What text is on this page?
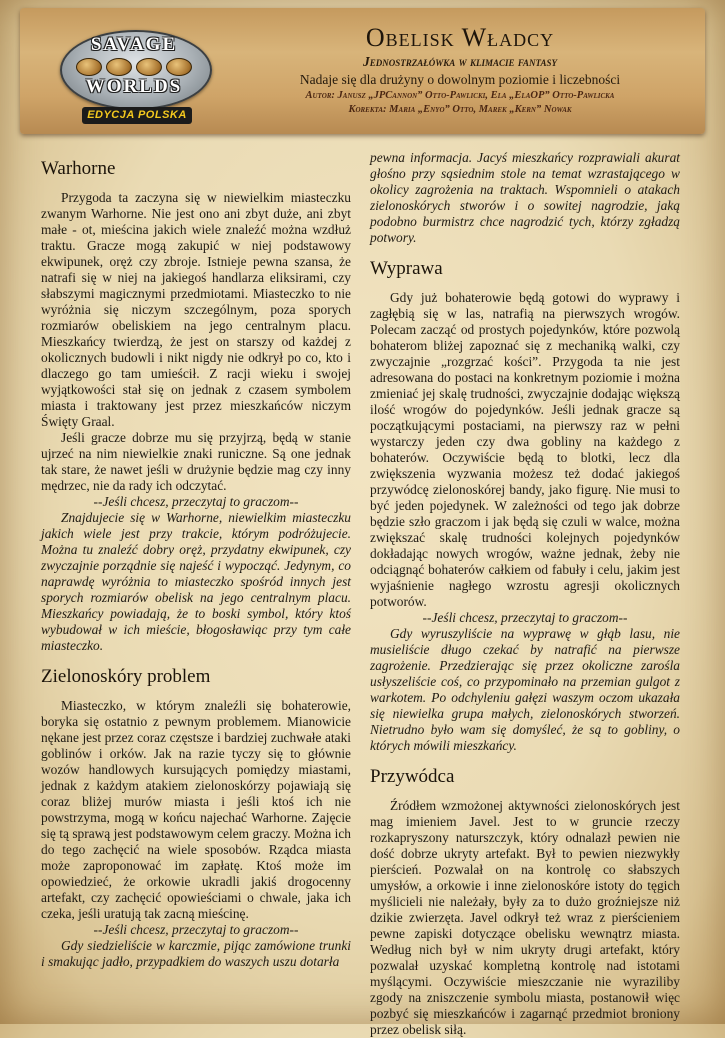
SAVAGE
WORLDS
EDYCJA POLSKA
Obelisk Władcy
Jednostrzałówka w klimacie fantasy
Nadaje się dla drużyny o dowolnym poziomie i liczebności
Autor: Janusz „JPCannon” Otto-Pawlicki, Ela „ElaOP” Otto-Pawlicka
Korekta: Maria „Enyo” Otto, Marek „Kern” Nowak
Warhorne

Przygoda ta zaczyna się w niewielkim miasteczku zwanym Warhorne. Nie jest ono ani zbyt duże, ani zbyt małe - ot, mieścina jakich wiele znaleźć można wzdłuż traktu. Gracze mogą zakupić w niej podstawowy ekwipunek, oręż czy zbroje. Istnieje pewna szansa, że natrafi się w niej na jakiegoś handlarza eliksirami, czy słabszymi magicznymi przedmiotami. Miasteczko to nie wyróżnia się niczym szczególnym, poza sporych rozmiarów obeliskiem na jego centralnym placu. Mieszkańcy twierdzą, że jest on starszy od każdej z okolicznych budowli i nikt nigdy nie odkrył po co, kto i dlaczego go tam umieścił. Z racji wieku i swojej wyjątkowości stał się on jednak z czasem symbolem miasta i traktowany jest przez mieszkańców niczym Święty Graal.

Jeśli gracze dobrze mu się przyjrzą, będą w stanie ujrzeć na nim niewielkie znaki runiczne. Są one jednak tak stare, że nawet jeśli w drużynie będzie mag czy inny mędrzec, nie da rady ich odczytać.

--Jeśli chcesz, przeczytaj to graczom--

Znajdujecie się w Warhorne, niewielkim miasteczku jakich wiele jest przy trakcie, którym podróżujecie. Można tu znaleźć dobry oręż, przydatny ekwipunek, czy zwyczajnie porządnie się najeść i wypocząć. Jedynym, co naprawdę wyróżnia to miasteczko spośród innych jest sporych rozmiarów obelisk na jego centralnym placu. Mieszkańcy powiadają, że to boski symbol, który ktoś wybudował w ich mieście, błogosławiąc przy tym całe miasteczko.

Zielonoskóry problem

Miasteczko, w którym znaleźli się bohaterowie, boryka się ostatnio z pewnym problemem. Mianowicie nękane jest przez coraz częstsze i bardziej zuchwałe ataki goblinów i orków. Jak na razie tyczy się to głównie wozów handlowych kursujących pomiędzy miastami, jednak z każdym atakiem zielonoskórzy pojawiają się coraz bliżej murów miasta i jeśli ktoś ich nie powstrzyma, mogą w końcu najechać Warhorne. Zajęcie się tą sprawą jest podstawowym celem graczy. Można ich do tego zachęcić na wiele sposobów. Rządca miasta może zaproponować im zapłatę. Ktoś może im opowiedzieć, że orkowie ukradli jakiś drogocenny artefakt, czy zachęcić opowieściami o chwale, jaka ich czeka, jeśli uratują tak zacną mieścinę.

--Jeśli chcesz, przeczytaj to graczom--

Gdy siedzieliście w karczmie, pijąc zamówione trunki i smakując jadło, przypadkiem do waszych uszu dotarła

pewna informacja. Jacyś mieszkańcy rozprawiali akurat głośno przy sąsiednim stole na temat wzrastającego w okolicy zagrożenia na traktach. Wspomnieli o atakach zielonoskórych stworów i o sowitej nagrodzie, jaką podobno burmistrz chce nagrodzić tych, którzy zgładzą potwory.

Wyprawa

Gdy już bohaterowie będą gotowi do wyprawy i zagłębią się w las, natrafią na pierwszych wrogów. Polecam zacząć od prostych pojedynków, które pozwolą bohaterom bliżej zapoznać się z mechaniką walki, czy zwyczajnie „rozgrzać kości”. Przygoda ta nie jest adresowana do postaci na konkretnym poziomie i można zmieniać jej skalę trudności, zwyczajnie dodając większą ilość wrogów do pojedynków. Jeśli jednak gracze są początkującymi postaciami, na pierwszy raz w pełni wystarczy jeden czy dwa gobliny na każdego z bohaterów. Oczywiście będą to blotki, lecz dla zwiększenia wyzwania możesz też dodać jakiegoś przywódcę zielonoskórej bandy, jako figurę. Nie musi to być jeden pojedynek. W zależności od tego jak dobrze będzie szło graczom i jak będą się czuli w walce, można zwiększać skalę trudności kolejnych pojedynków dokładając nowych wrogów, ważne jednak, żeby nie odciągnąć bohaterów całkiem od fabuły i celu, jakim jest wyjaśnienie nagłego wzrostu agresji okolicznych potworów.

--Jeśli chcesz, przeczytaj to graczom--

Gdy wyruszyliście na wyprawę w głąb lasu, nie musieliście długo czekać by natrafić na pierwsze zagrożenie. Przedzierając się przez okoliczne zarośla usłyszeliście coś, co przypominało na przemian gulgot z warkotem. Po odchyleniu gałęzi waszym oczom ukazała się niewielka grupa małych, zielonoskórych stworzeń. Nietrudno było wam się domyśleć, że są to gobliny, o których mówili mieszkańcy.

Przywódca

Źródłem wzmożonej aktywności zielonoskórych jest mag imieniem Javel. Jest to w gruncie rzeczy rozkapryszony naturszczyk, który odnalazł pewien nie dość dobrze ukryty artefakt. Był to pewien niezwykły pierścień. Pozwalał on na kontrolę co słabszych umysłów, a orkowie i inne zielonoskóre istoty do tęgich myślicieli nie należały, były za to dużo groźniejsze niż dzikie zwierzęta. Javel odkrył też wraz z pierścieniem pewne zapiski dotyczące obelisku wewnątrz miasta. Według nich był w nim ukryty drugi artefakt, który pozwalał uzyskać kompletną kontrolę nad istotami myślącymi. Oczywiście mieszczanie nie wyraziliby zgody na zniszczenie symbolu miasta, postanowił więc pozbyć się mieszkańców i zagarnąć przedmiot broniony przez obelisk siłą.
